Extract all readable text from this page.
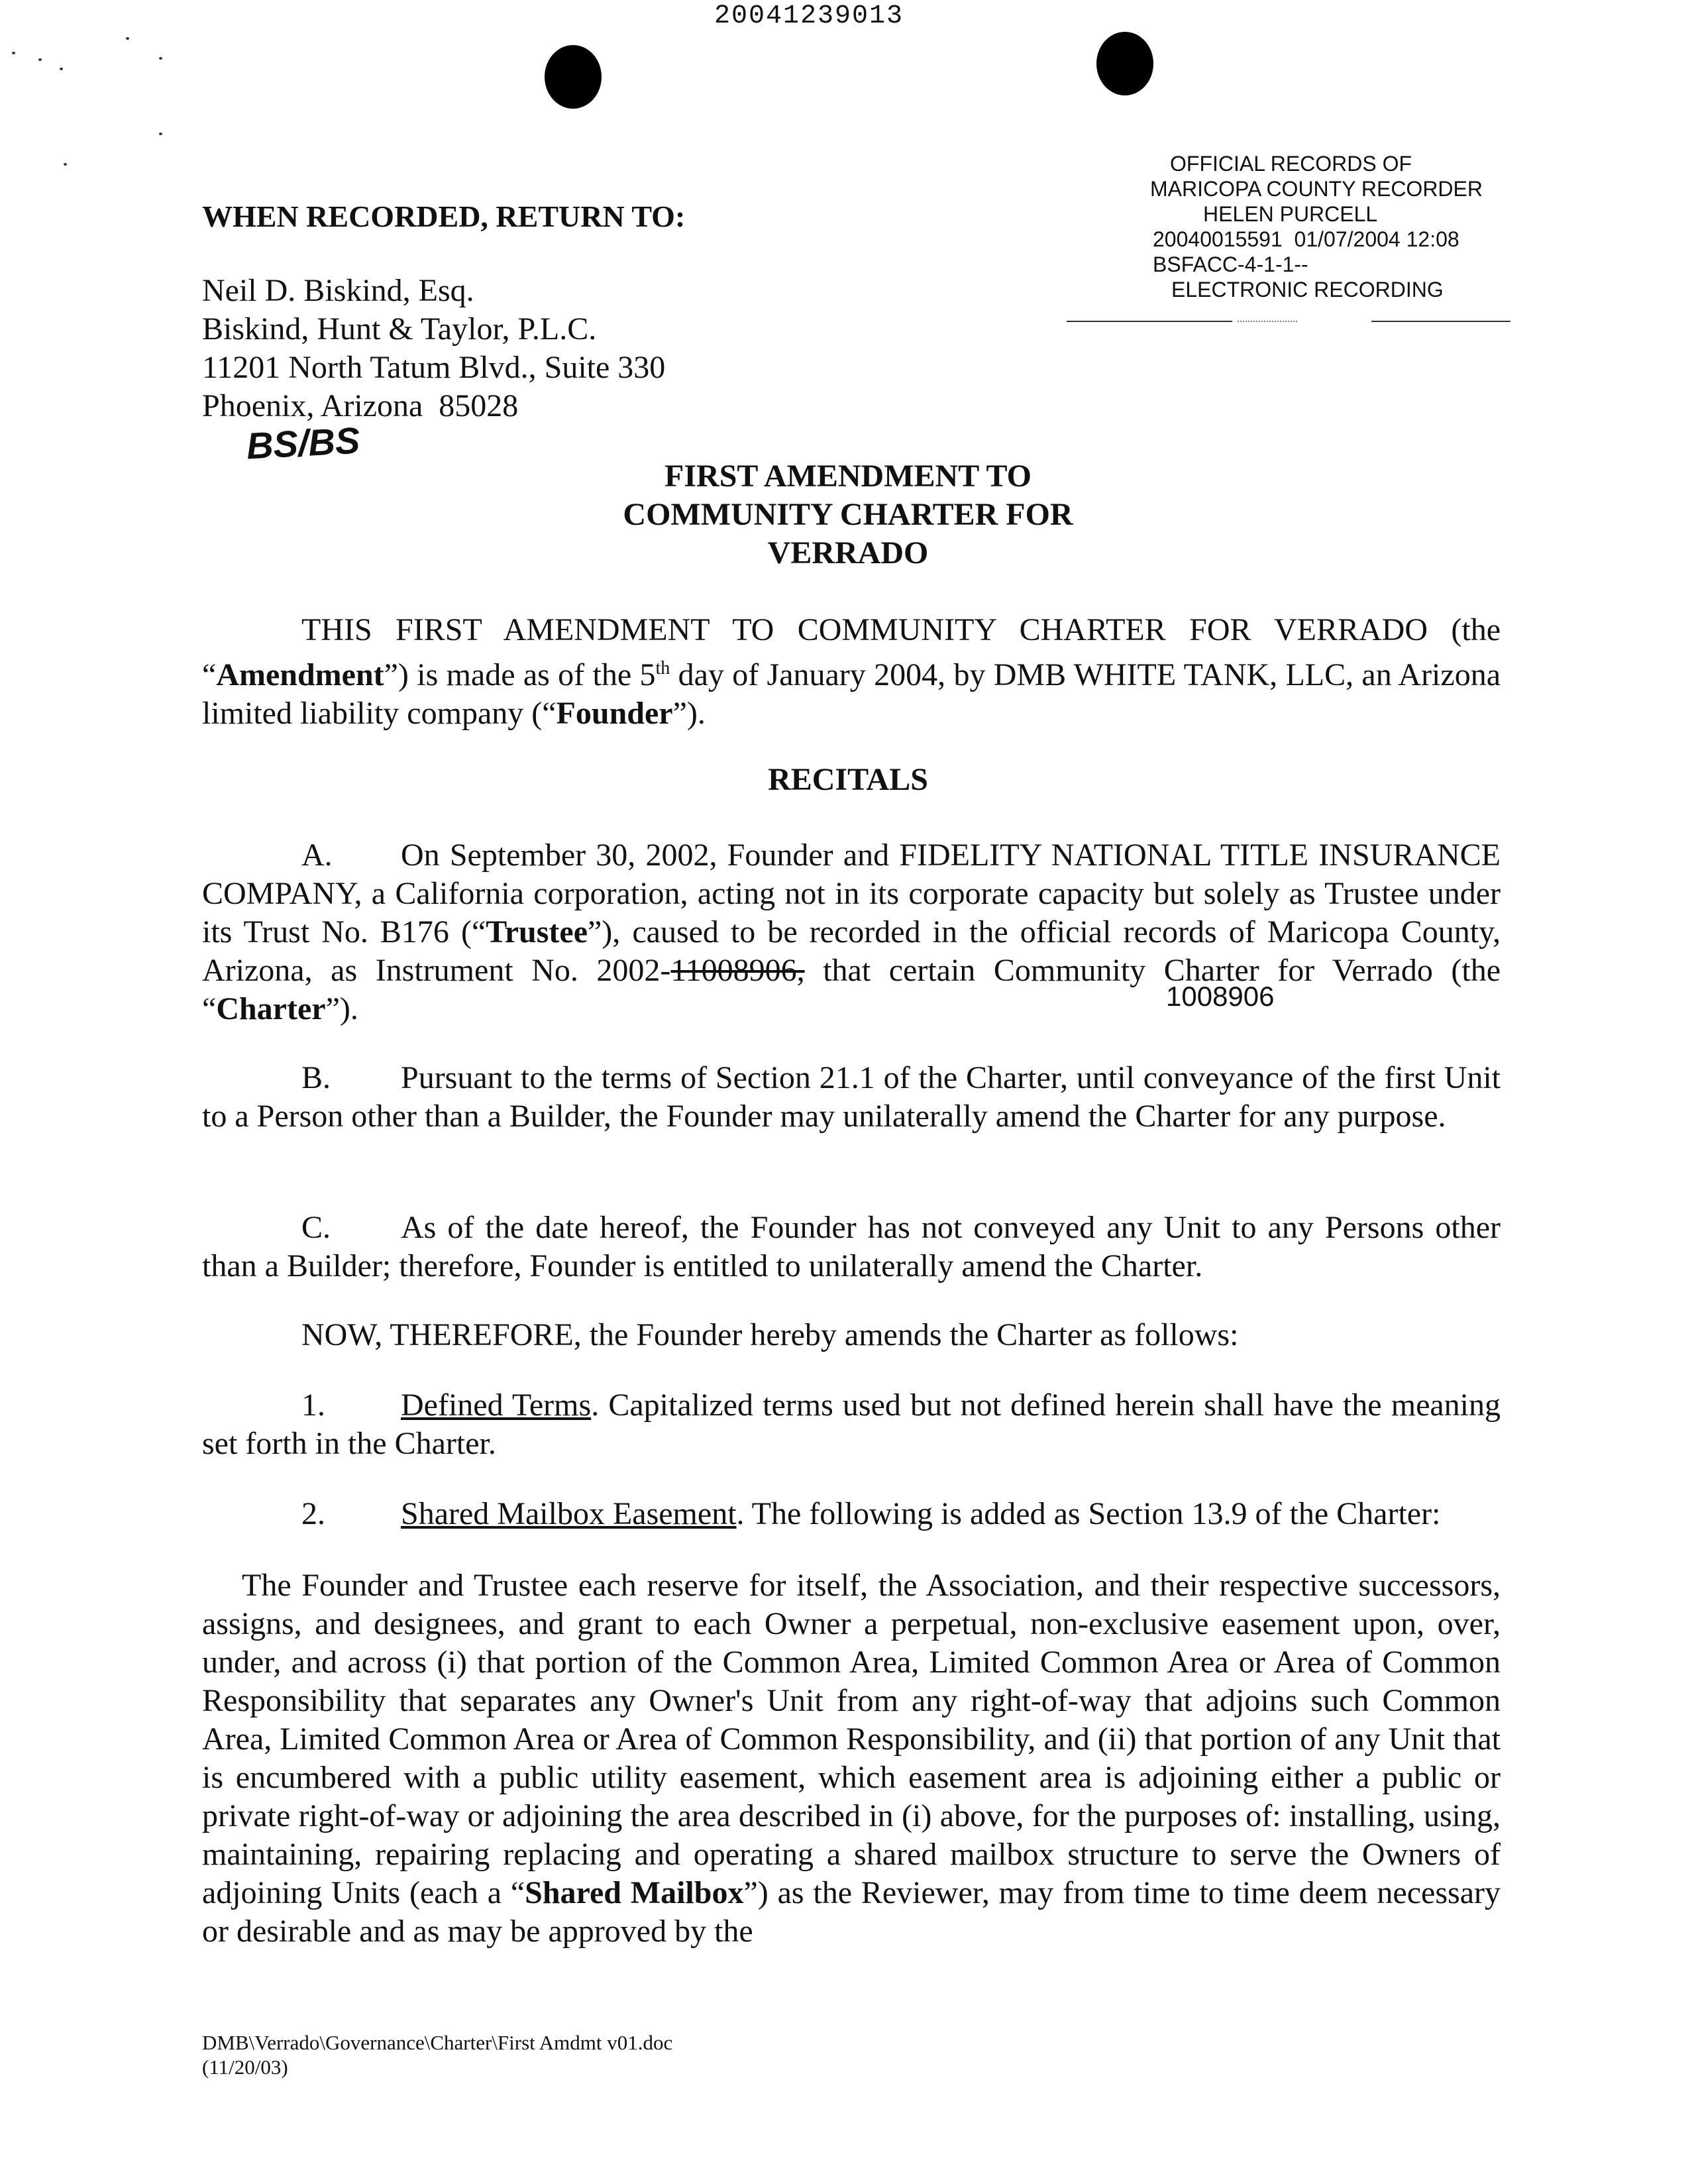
20041239013
OFFICIAL RECORDS OF
MARICOPA COUNTY RECORDER
HELEN PURCELL
20040015591 01/07/2004 12:08
BSFACC-4-1-1--
ELECTRONIC RECORDING
WHEN RECORDED, RETURN TO:
Neil D. Biskind, Esq.
Biskind, Hunt & Taylor, P.L.C.
11201 North Tatum Blvd., Suite 330
Phoenix, Arizona  85028
BS/BS
FIRST AMENDMENT TO
COMMUNITY CHARTER FOR
VERRADO
THIS FIRST AMENDMENT TO COMMUNITY CHARTER FOR VERRADO (the “Amendment”) is made as of the 5th day of January 2004, by DMB WHITE TANK, LLC, an Arizona limited liability company (“Founder”).
RECITALS
A. On September 30, 2002, Founder and FIDELITY NATIONAL TITLE INSURANCE COMPANY, a California corporation, acting not in its corporate capacity but solely as Trustee under its Trust No. B176 (“Trustee”), caused to be recorded in the official records of Maricopa County, Arizona, as Instrument No. 2002-11008906, that certain Community Charter for Verrado (the “Charter”).	1008906
B. Pursuant to the terms of Section 21.1 of the Charter, until conveyance of the first Unit to a Person other than a Builder, the Founder may unilaterally amend the Charter for any purpose.
C. As of the date hereof, the Founder has not conveyed any Unit to any Persons other than a Builder; therefore, Founder is entitled to unilaterally amend the Charter.
NOW, THEREFORE, the Founder hereby amends the Charter as follows:
1. Defined Terms. Capitalized terms used but not defined herein shall have the meaning set forth in the Charter.
2. Shared Mailbox Easement. The following is added as Section 13.9 of the Charter:
The Founder and Trustee each reserve for itself, the Association, and their respective successors, assigns, and designees, and grant to each Owner a perpetual, non-exclusive easement upon, over, under, and across (i) that portion of the Common Area, Limited Common Area or Area of Common Responsibility that separates any Owner's Unit from any right-of-way that adjoins such Common Area, Limited Common Area or Area of Common Responsibility, and (ii) that portion of any Unit that is encumbered with a public utility easement, which easement area is adjoining either a public or private right-of-way or adjoining the area described in (i) above, for the purposes of: installing, using, maintaining, repairing replacing and operating a shared mailbox structure to serve the Owners of adjoining Units (each a “Shared Mailbox”) as the Reviewer, may from time to time deem necessary or desirable and as may be approved by the
DMB\Verrado\Governance\Charter\First Amdmt v01.doc
(11/20/03)
